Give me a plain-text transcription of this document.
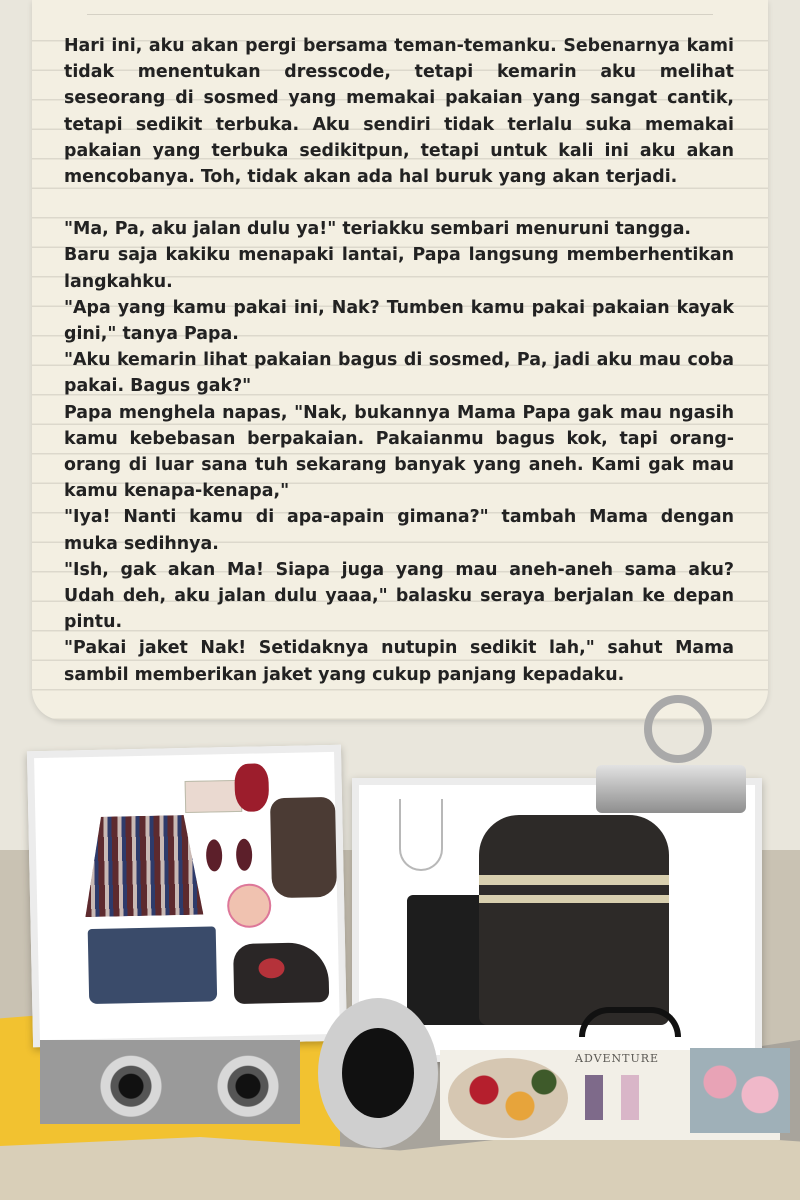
Hari ini, aku akan pergi bersama teman-temanku. Sebenarnya kami tidak menentukan dresscode, tetapi kemarin aku melihat seseorang di sosmed yang memakai pakaian yang sangat cantik, tetapi sedikit terbuka. Aku sendiri tidak terlalu suka memakai pakaian yang terbuka sedikitpun, tetapi untuk kali ini aku akan mencobanya. Toh, tidak akan ada hal buruk yang akan terjadi.

"Ma, Pa, aku jalan dulu ya!" teriakku sembari menuruni tangga.

Baru saja kakiku menapaki lantai, Papa langsung memberhentikan langkahku.

"Apa yang kamu pakai ini, Nak? Tumben kamu pakai pakaian kayak gini," tanya Papa.

"Aku kemarin lihat pakaian bagus di sosmed, Pa, jadi aku mau coba pakai. Bagus gak?"

Papa menghela napas, "Nak, bukannya Mama Papa gak mau ngasih kamu kebebasan berpakaian. Pakaianmu bagus kok, tapi orang-orang di luar sana tuh sekarang banyak yang aneh. Kami gak mau kamu kenapa-kenapa,"

"Iya! Nanti kamu di apa-apain gimana?" tambah Mama dengan muka sedihnya.

"Ish, gak akan Ma! Siapa juga yang mau aneh-aneh sama aku? Udah deh, aku jalan dulu yaaa," balasku seraya berjalan ke depan pintu.

"Pakai jaket Nak! Setidaknya nutupin sedikit lah," sahut Mama sambil memberikan jaket yang cukup panjang kepadaku.

ADVENTURE
